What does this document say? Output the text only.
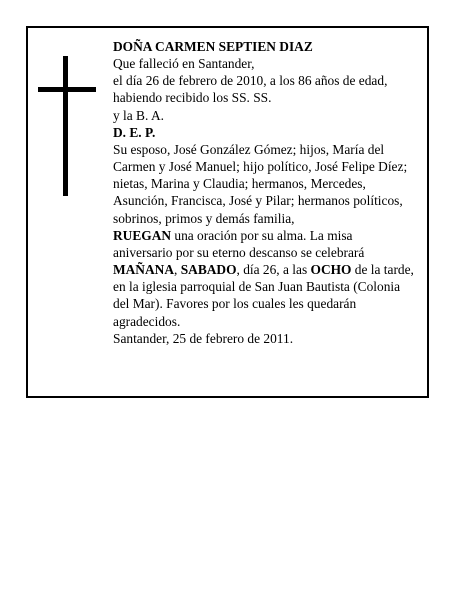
DOÑA CARMEN SEPTIEN DIAZ
Que falleció en Santander,
el día 26 de febrero de 2010, a los 86 años de edad,
habiendo recibido los SS. SS.
y la B. A.
D. E. P.
Su esposo, José González Gómez; hijos, María del
Carmen y José Manuel; hijo político, José Felipe Díez;
nietas, Marina y Claudia; hermanos, Mercedes,
Asunción, Francisca, José y Pilar; hermanos políticos,
sobrinos, primos y demás familia,
RUEGAN una oración por su alma. La misa
aniversario por su eterno descanso se celebrará
MAÑANA, SABADO, día 26, a las OCHO de la tarde,
en la iglesia parroquial de San Juan Bautista (Colonia
del Mar). Favores por los cuales les quedarán
agradecidos.
Santander, 25 de febrero de 2011.
